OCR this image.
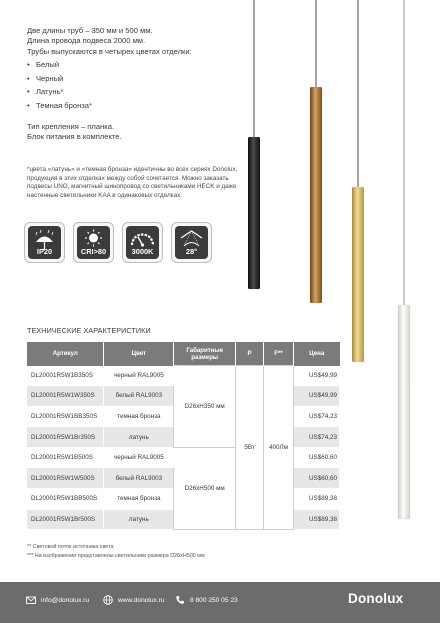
Две длины труб – 350 мм и 500 мм.

Длина провода подвеса 2000 мм.

Трубы выпускаются в четырех цветах отделки:

• Белый
• Черный
• Латунь*
• Темная бронза*
Тип крепления – планка.
Блок питания в комплекте.
*цвета «латунь» и «темная бронза» идентичны во всех сериях Donolux, продукция в этих отделках между собой сочетается. Можно заказать подвесы UNO, магнитный шинопровод со светильниками HECK и даже настенные светильники KAA в одинаковых отделках.
IP20	CRI>80	3000K	28°
ТЕХНИЧЕСКИЕ ХАРАКТЕРИСТИКИ
Артикул	Цвет	Габаритные размеры	P	F**	Цена
DL20001R5W1B350S	черный RAL9005	D26xH350 мм	5Вт	400Лм	US$49,99
DL20001R5W1W350S	белый RAL9003				US$49,99
DL20001R5W1BB350S	темная бронза				US$74,23
DL20001R5W1Br350S	латунь				US$74,23
DL20001R5W1B500S	черный RAL9005	D26xH500 мм			US$60,60
DL20001R5W1W500S	белый RAL9003				US$60,60
DL20001R5W1BB500S	темная бронза				US$89,38
DL20001R5W1Br500S	латунь				US$89,38
** Световой поток источника света
*** На изображении представлены светильники размера D26xH500 мм
info@donolux.ru	www.donolux.ru	8 800 250 05 23	Donolux
